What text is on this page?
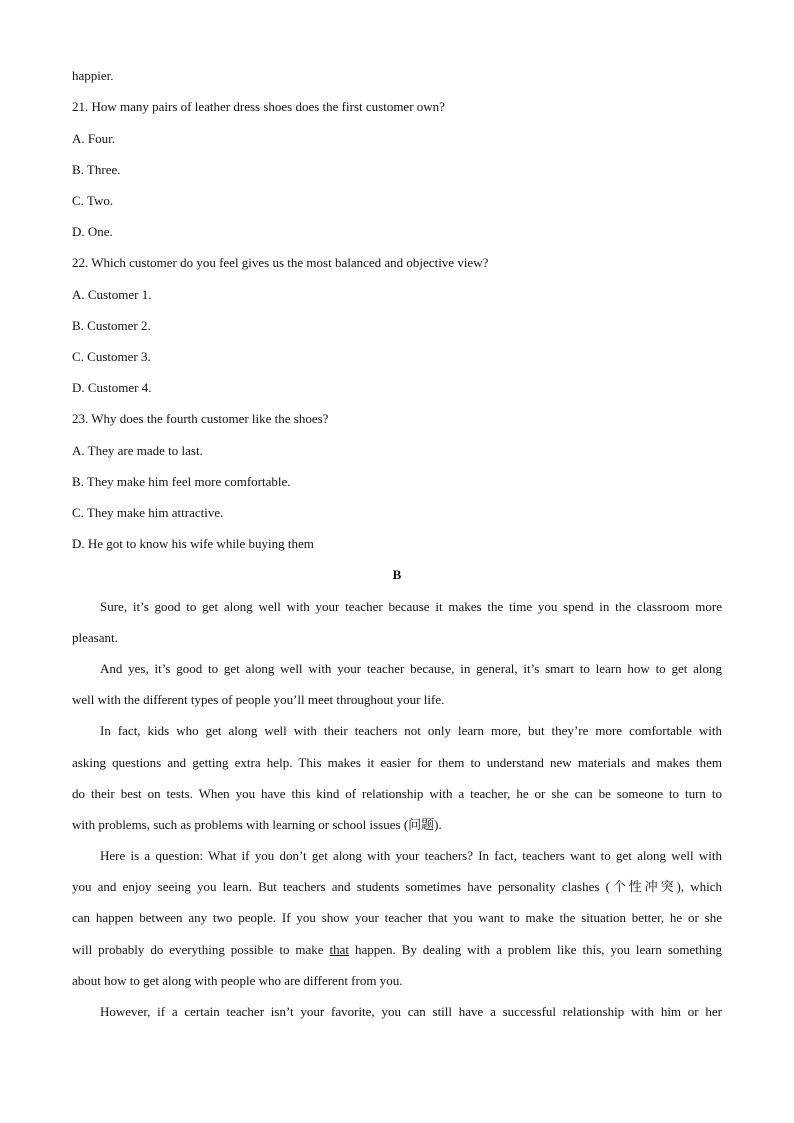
happier.
21. How many pairs of leather dress shoes does the first customer own?
A. Four.
B. Three.
C. Two.
D. One.
22. Which customer do you feel gives us the most balanced and objective view?
A. Customer 1.
B. Customer 2.
C. Customer 3.
D. Customer 4.
23. Why does the fourth customer like the shoes?
A. They are made to last.
B. They make him feel more comfortable.
C. They make him attractive.
D. He got to know his wife while buying them
B
Sure, it’s good to get along well with your teacher because it makes the time you spend in the classroom more
pleasant.
And yes, it’s good to get along well with your teacher because, in general, it’s smart to learn how to get along
well with the different types of people you’ll meet throughout your life.
In fact, kids who get along well with their teachers not only learn more, but they’re more comfortable with
asking questions and getting extra help. This makes it easier for them to understand new materials and makes them
do their best on tests. When you have this kind of relationship with a teacher, he or she can be someone to turn to
with problems, such as problems with learning or school issues (问题).
Here is a question: What if you don’t get along with your teachers? In fact, teachers want to get along well with
you and enjoy seeing you learn. But teachers and students sometimes have personality clashes (个性冲突), which
can happen between any two people. If you show your teacher that you want to make the situation better, he or she
will probably do everything possible to make that happen. By dealing with a problem like this, you learn something
about how to get along with people who are different from you.
However, if a certain teacher isn’t your favorite, you can still have a successful relationship with him or her
